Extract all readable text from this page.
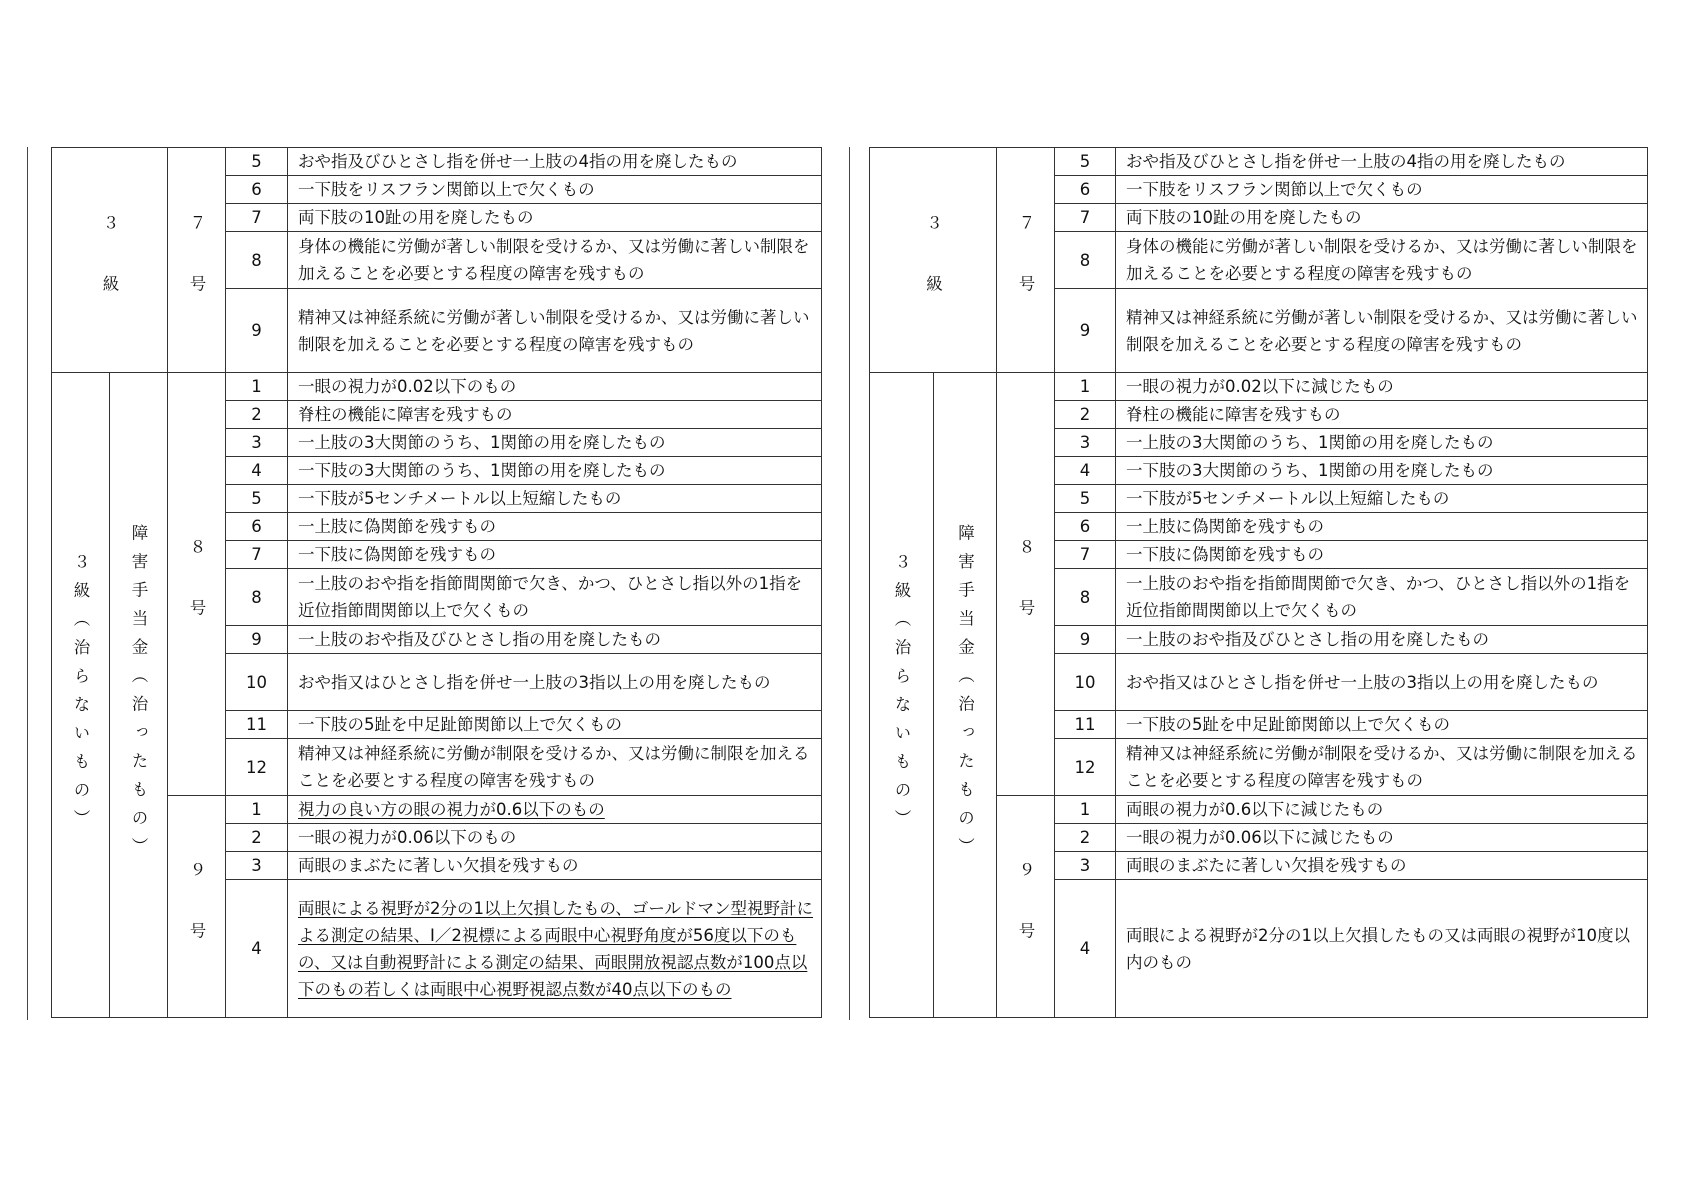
３　級		７　号	5	おや指及びひとさし指を併せ一上肢の4指の用を廃したもの
			6	一下肢をリスフラン関節以上で欠くもの
			7	両下肢の10趾の用を廃したもの
			8	身体の機能に労働が著しい制限を受けるか、又は労働に著しい制限を加えることを必要とする程度の障害を残すもの
			9	精神又は神経系統に労働が著しい制限を受けるか、又は労働に著しい制限を加えることを必要とする程度の障害を残すもの

３級（治らないもの）	障害手当金（治ったもの）	８　号	1	一眼の視力が0.02以下のもの
			2	脊柱の機能に障害を残すもの
			3	一上肢の3大関節のうち、1関節の用を廃したもの
			4	一下肢の3大関節のうち、1関節の用を廃したもの
			5	一下肢が5センチメートル以上短縮したもの
			6	一上肢に偽関節を残すもの
			7	一下肢に偽関節を残すもの
			8	一上肢のおや指を指節間関節で欠き、かつ、ひとさし指以外の1指を近位指節間関節以上で欠くもの
			9	一上肢のおや指及びひとさし指の用を廃したもの
			10	おや指又はひとさし指を併せ一上肢の3指以上の用を廃したもの
			11	一下肢の5趾を中足趾節関節以上で欠くもの
			12	精神又は神経系統に労働が制限を受けるか、又は労働に制限を加えることを必要とする程度の障害を残すもの

		９　号	1	視力の良い方の眼の視力が0.6以下のもの
			2	一眼の視力が0.06以下のもの
			3	両眼のまぶたに著しい欠損を残すもの
			4	両眼による視野が2分の1以上欠損したもの、ゴールドマン型視野計による測定の結果、I／2視標による両眼中心視野角度が56度以下のもの、又は自動視野計による測定の結果、両眼開放視認点数が100点以下のもの若しくは両眼中心視野視認点数が40点以下のもの
３　級		７　号	5	おや指及びひとさし指を併せ一上肢の4指の用を廃したもの
			6	一下肢をリスフラン関節以上で欠くもの
			7	両下肢の10趾の用を廃したもの
			8	身体の機能に労働が著しい制限を受けるか、又は労働に著しい制限を加えることを必要とする程度の障害を残すもの
			9	精神又は神経系統に労働が著しい制限を受けるか、又は労働に著しい制限を加えることを必要とする程度の障害を残すもの

３級（治らないもの）	障害手当金（治ったもの）	８　号	1	一眼の視力が0.02以下に減じたもの
			2	脊柱の機能に障害を残すもの
			3	一上肢の3大関節のうち、1関節の用を廃したもの
			4	一下肢の3大関節のうち、1関節の用を廃したもの
			5	一下肢が5センチメートル以上短縮したもの
			6	一上肢に偽関節を残すもの
			7	一下肢に偽関節を残すもの
			8	一上肢のおや指を指節間関節で欠き、かつ、ひとさし指以外の1指を近位指節間関節以上で欠くもの
			9	一上肢のおや指及びひとさし指の用を廃したもの
			10	おや指又はひとさし指を併せ一上肢の3指以上の用を廃したもの
			11	一下肢の5趾を中足趾節関節以上で欠くもの
			12	精神又は神経系統に労働が制限を受けるか、又は労働に制限を加えることを必要とする程度の障害を残すもの

		９　号	1	両眼の視力が0.6以下に減じたもの
			2	一眼の視力が0.06以下に減じたもの
			3	両眼のまぶたに著しい欠損を残すもの
			4	両眼による視野が2分の1以上欠損したもの又は両眼の視野が10度以内のもの
